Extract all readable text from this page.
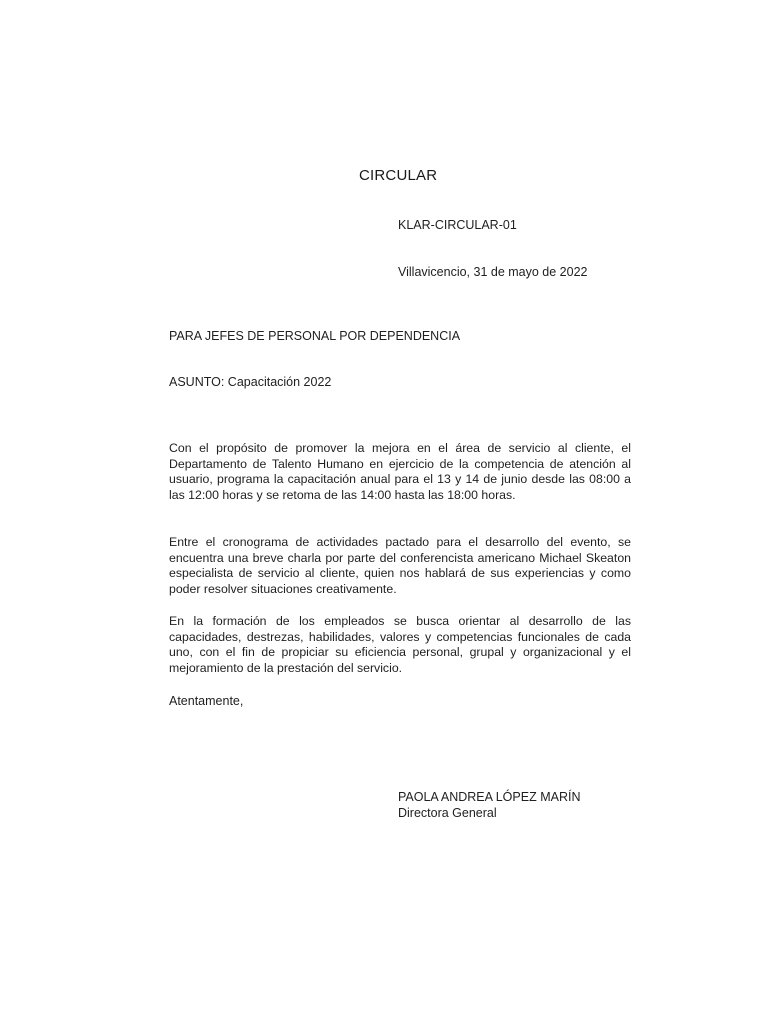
CIRCULAR
KLAR-CIRCULAR-01
Villavicencio, 31 de mayo de 2022
PARA JEFES DE PERSONAL POR DEPENDENCIA
ASUNTO: Capacitación 2022
Con el propósito de promover la mejora en el área de servicio al cliente, el Departamento de Talento Humano en ejercicio de la competencia de atención al usuario, programa la capacitación anual para el 13 y 14 de junio desde las 08:00 a las 12:00 horas y se retoma de las 14:00 hasta las 18:00 horas.
Entre el cronograma de actividades pactado para el desarrollo del evento, se encuentra una breve charla por parte del conferencista americano Michael Skeaton especialista de servicio al cliente, quien nos hablará de sus experiencias y como poder resolver situaciones creativamente.
En la formación de los empleados se busca orientar al desarrollo de las capacidades, destrezas, habilidades, valores y competencias funcionales de cada uno, con el fin de propiciar su eficiencia personal, grupal y organizacional y el mejoramiento de la prestación del servicio.
Atentamente,
PAOLA ANDREA LÓPEZ MARÍN
Directora General
